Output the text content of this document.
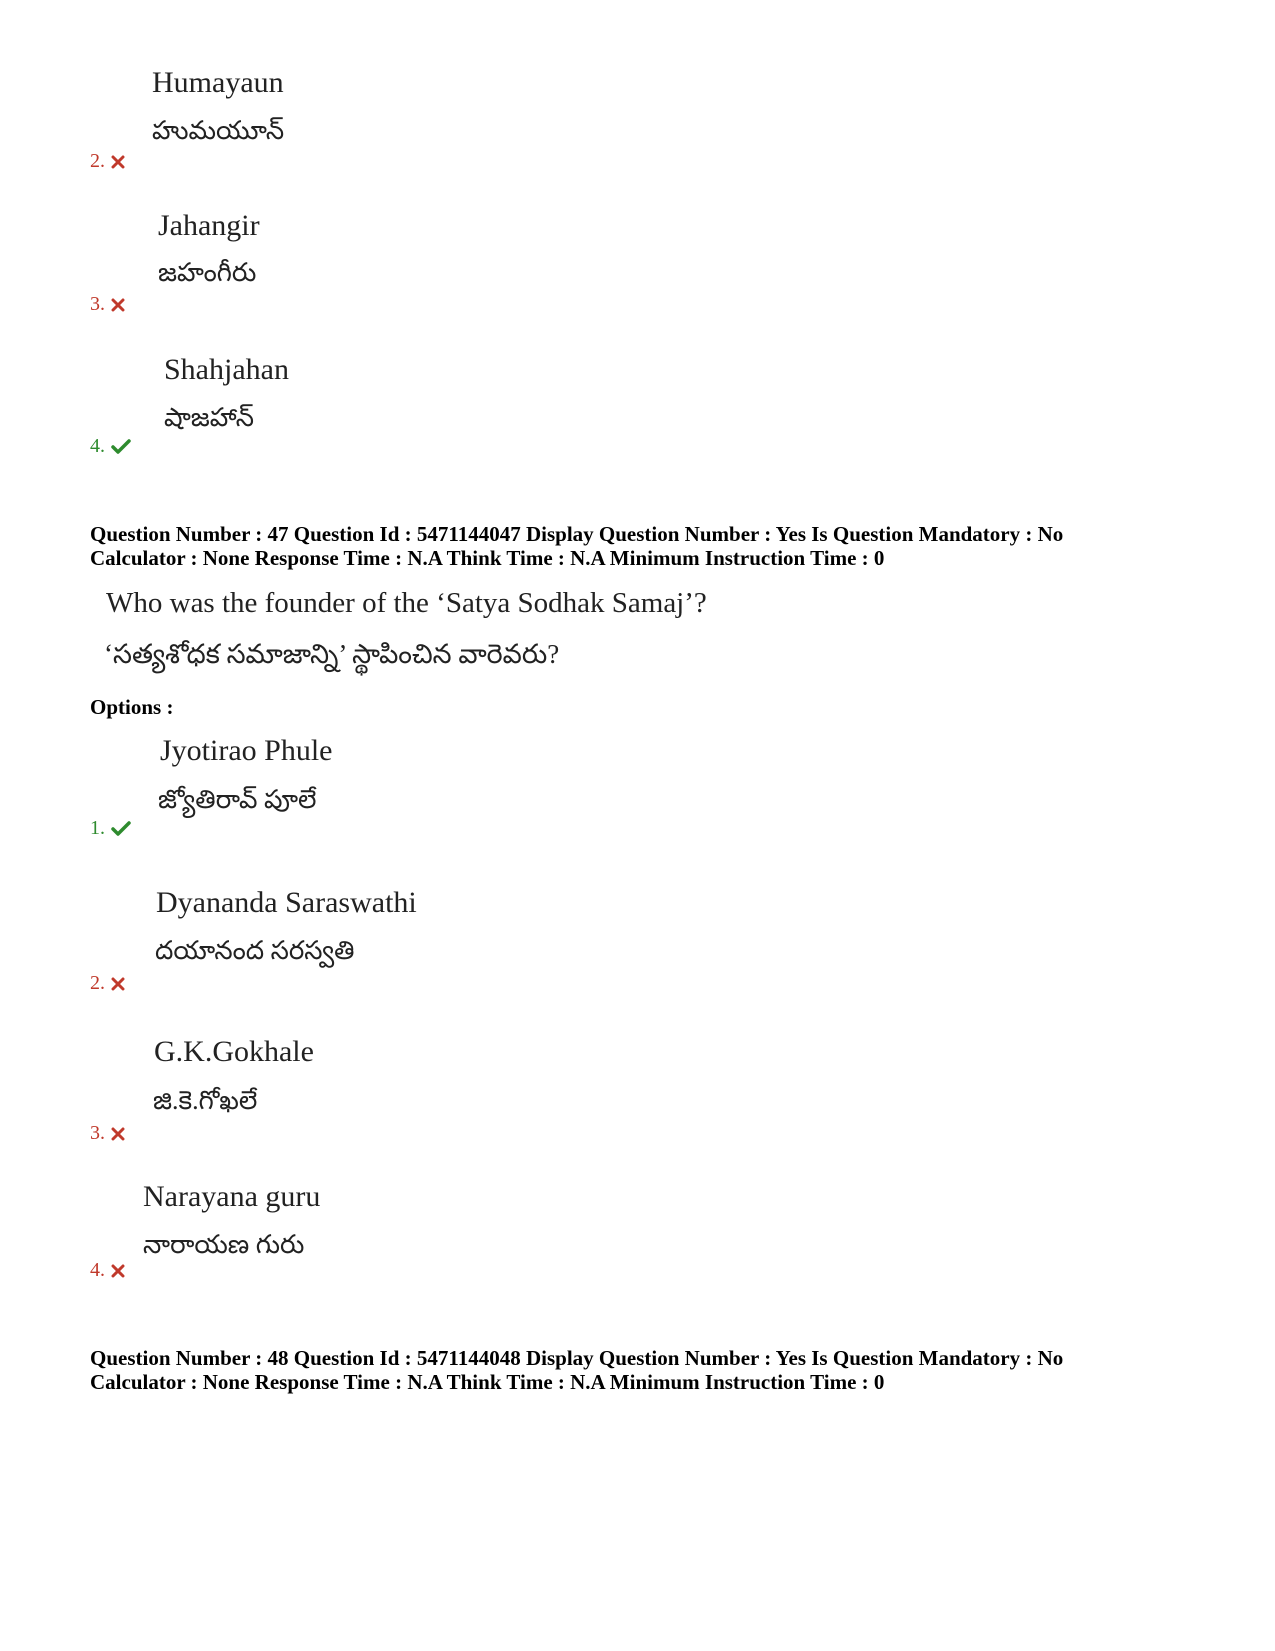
Humayaun
హుమయూన్
2.
Jahangir
జహంగీరు
3.
Shahjahan
షాజహాన్
4.
Question Number : 47 Question Id : 5471144047 Display Question Number : Yes Is Question Mandatory : No
Calculator : None Response Time : N.A Think Time : N.A Minimum Instruction Time : 0
Who was the founder of the ‘Satya Sodhak Samaj’?
‘సత్యశోధక సమాజాన్ని’ స్థాపించిన వారెవరు?
Options :
Jyotirao Phule
జ్యోతిరావ్ పూలే
1.
Dyananda Saraswathi
దయానంద సరస్వతి
2.
G.K.Gokhale
జి.కె.గోఖలే
3.
Narayana guru
నారాయణ గురు
4.
Question Number : 48 Question Id : 5471144048 Display Question Number : Yes Is Question Mandatory : No
Calculator : None Response Time : N.A Think Time : N.A Minimum Instruction Time : 0
